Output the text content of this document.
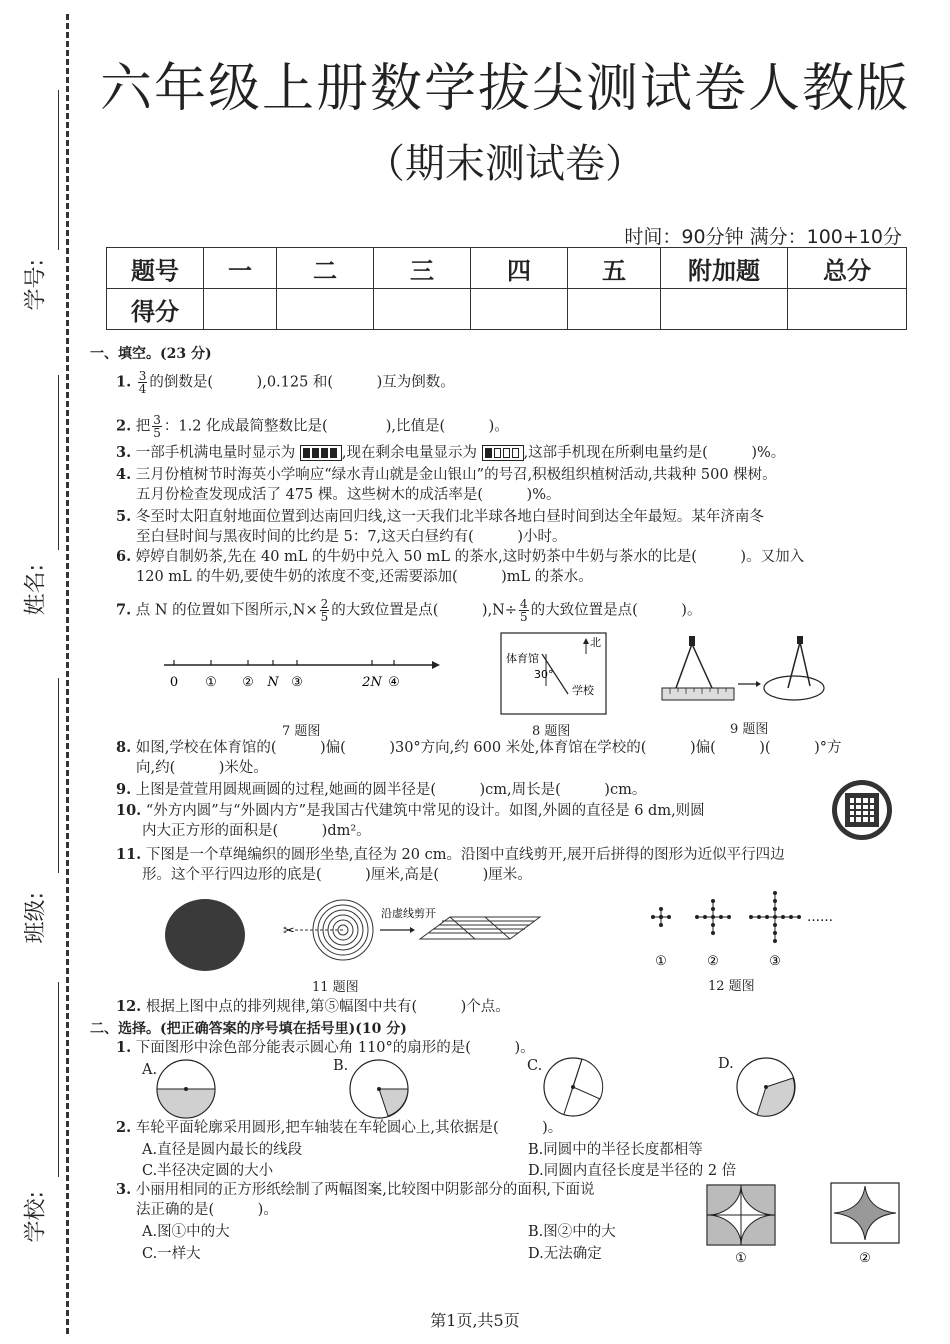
学号:
姓名:
班级:
学校:
六年级上册数学拔尖测试卷人教版
（期末测试卷）
时间：90分钟 满分：100+10分
题号	一	二	三	四	五	附加题	总分
得分							
一、填空。(23 分)
1. $\frac{3}{4}$ 的倒数是(　　　),0.125 和(　　　)互为倒数。
2. 把 $\frac{3}{5}$ ：1.2 化成最简整数比是(　　　　),比值是(　　　)。
3. 一部手机满电量时显示为	,现在剩余电量显示为	,这部手机现在所剩电量约是(　　　)%。
4. 三月份植树节时海英小学响应“绿水青山就是金山银山”的号召,积极组织植树活动,共栽种 500 棵树。
五月份检查发现成活了 475 棵。这些树木的成活率是(　　　)%。
5. 冬至时太阳直射地面位置到达南回归线,这一天我们北半球各地白昼时间到达全年最短。某年济南冬
至白昼时间与黑夜时间的比约是 5：7,这天白昼约有(　　　)小时。
6. 婷婷自制奶茶,先在 40 mL 的牛奶中兑入 50 mL 的茶水,这时奶茶中牛奶与茶水的比是(　　　)。又加入
120 mL 的牛奶,要使牛奶的浓度不变,还需要添加(　　　)mL 的茶水。
7. 点 N 的位置如下图所示$,N\times \frac{2}{5}$ 的大致位置是点(　　　)$,N\div \frac{4}{5}$ 的大致位置是点(　　　)。
0 ① ② N ③	2N ④
7 题图
体育馆
30°
北
学校
8 题图	9 题图
8. 如图,学校在体育馆的(　　　)偏(　　　)30°方向,约 600 米处,体育馆在学校的(　　　)偏(　　　)(　　　)°方
向,约(　　　)米处。
9. 上图是萱萱用圆规画圆的过程,她画的圆半径是(　　　)cm,周长是(　　　)cm。
10. “外方内圆”与“外圆内方”是我国古代建筑中常见的设计。如图,外圆的直径是 6 dm,则圆
内大正方形的面积是(　　　)dm²。
11. 下图是一个草绳编织的圆形坐垫,直径为 20 cm。沿图中直线剪开,展开后拼得的图形为近似平行四边
形。这个平行四边形的底是(　　　)厘米,高是(　　　)厘米。
✂
沿虚线剪开
11 题图
……
①	②	③
12 题图
12. 根据上图中点的排列规律,第⑤幅图中共有(　　　)个点。
二、选择。(把正确答案的序号填在括号里)(10 分)
1. 下面图形中涂色部分能表示圆心角 110°的扇形的是(　　　)。
A.	B.	C.	D.
2. 车轮平面轮廓采用圆形,把车轴装在车轮圆心上,其依据是(　　　)。
A.直径是圆内最长的线段	B.同圆中的半径长度都相等
C.半径决定圆的大小	D.同圆内直径长度是半径的 2 倍
3. 小丽用相同的正方形纸绘制了两幅图案,比较图中阴影部分的面积,下面说
法正确的是(　　　)。
A.图①中的大	B.图②中的大
C.一样大	D.无法确定	①	②
第1页,共5页
